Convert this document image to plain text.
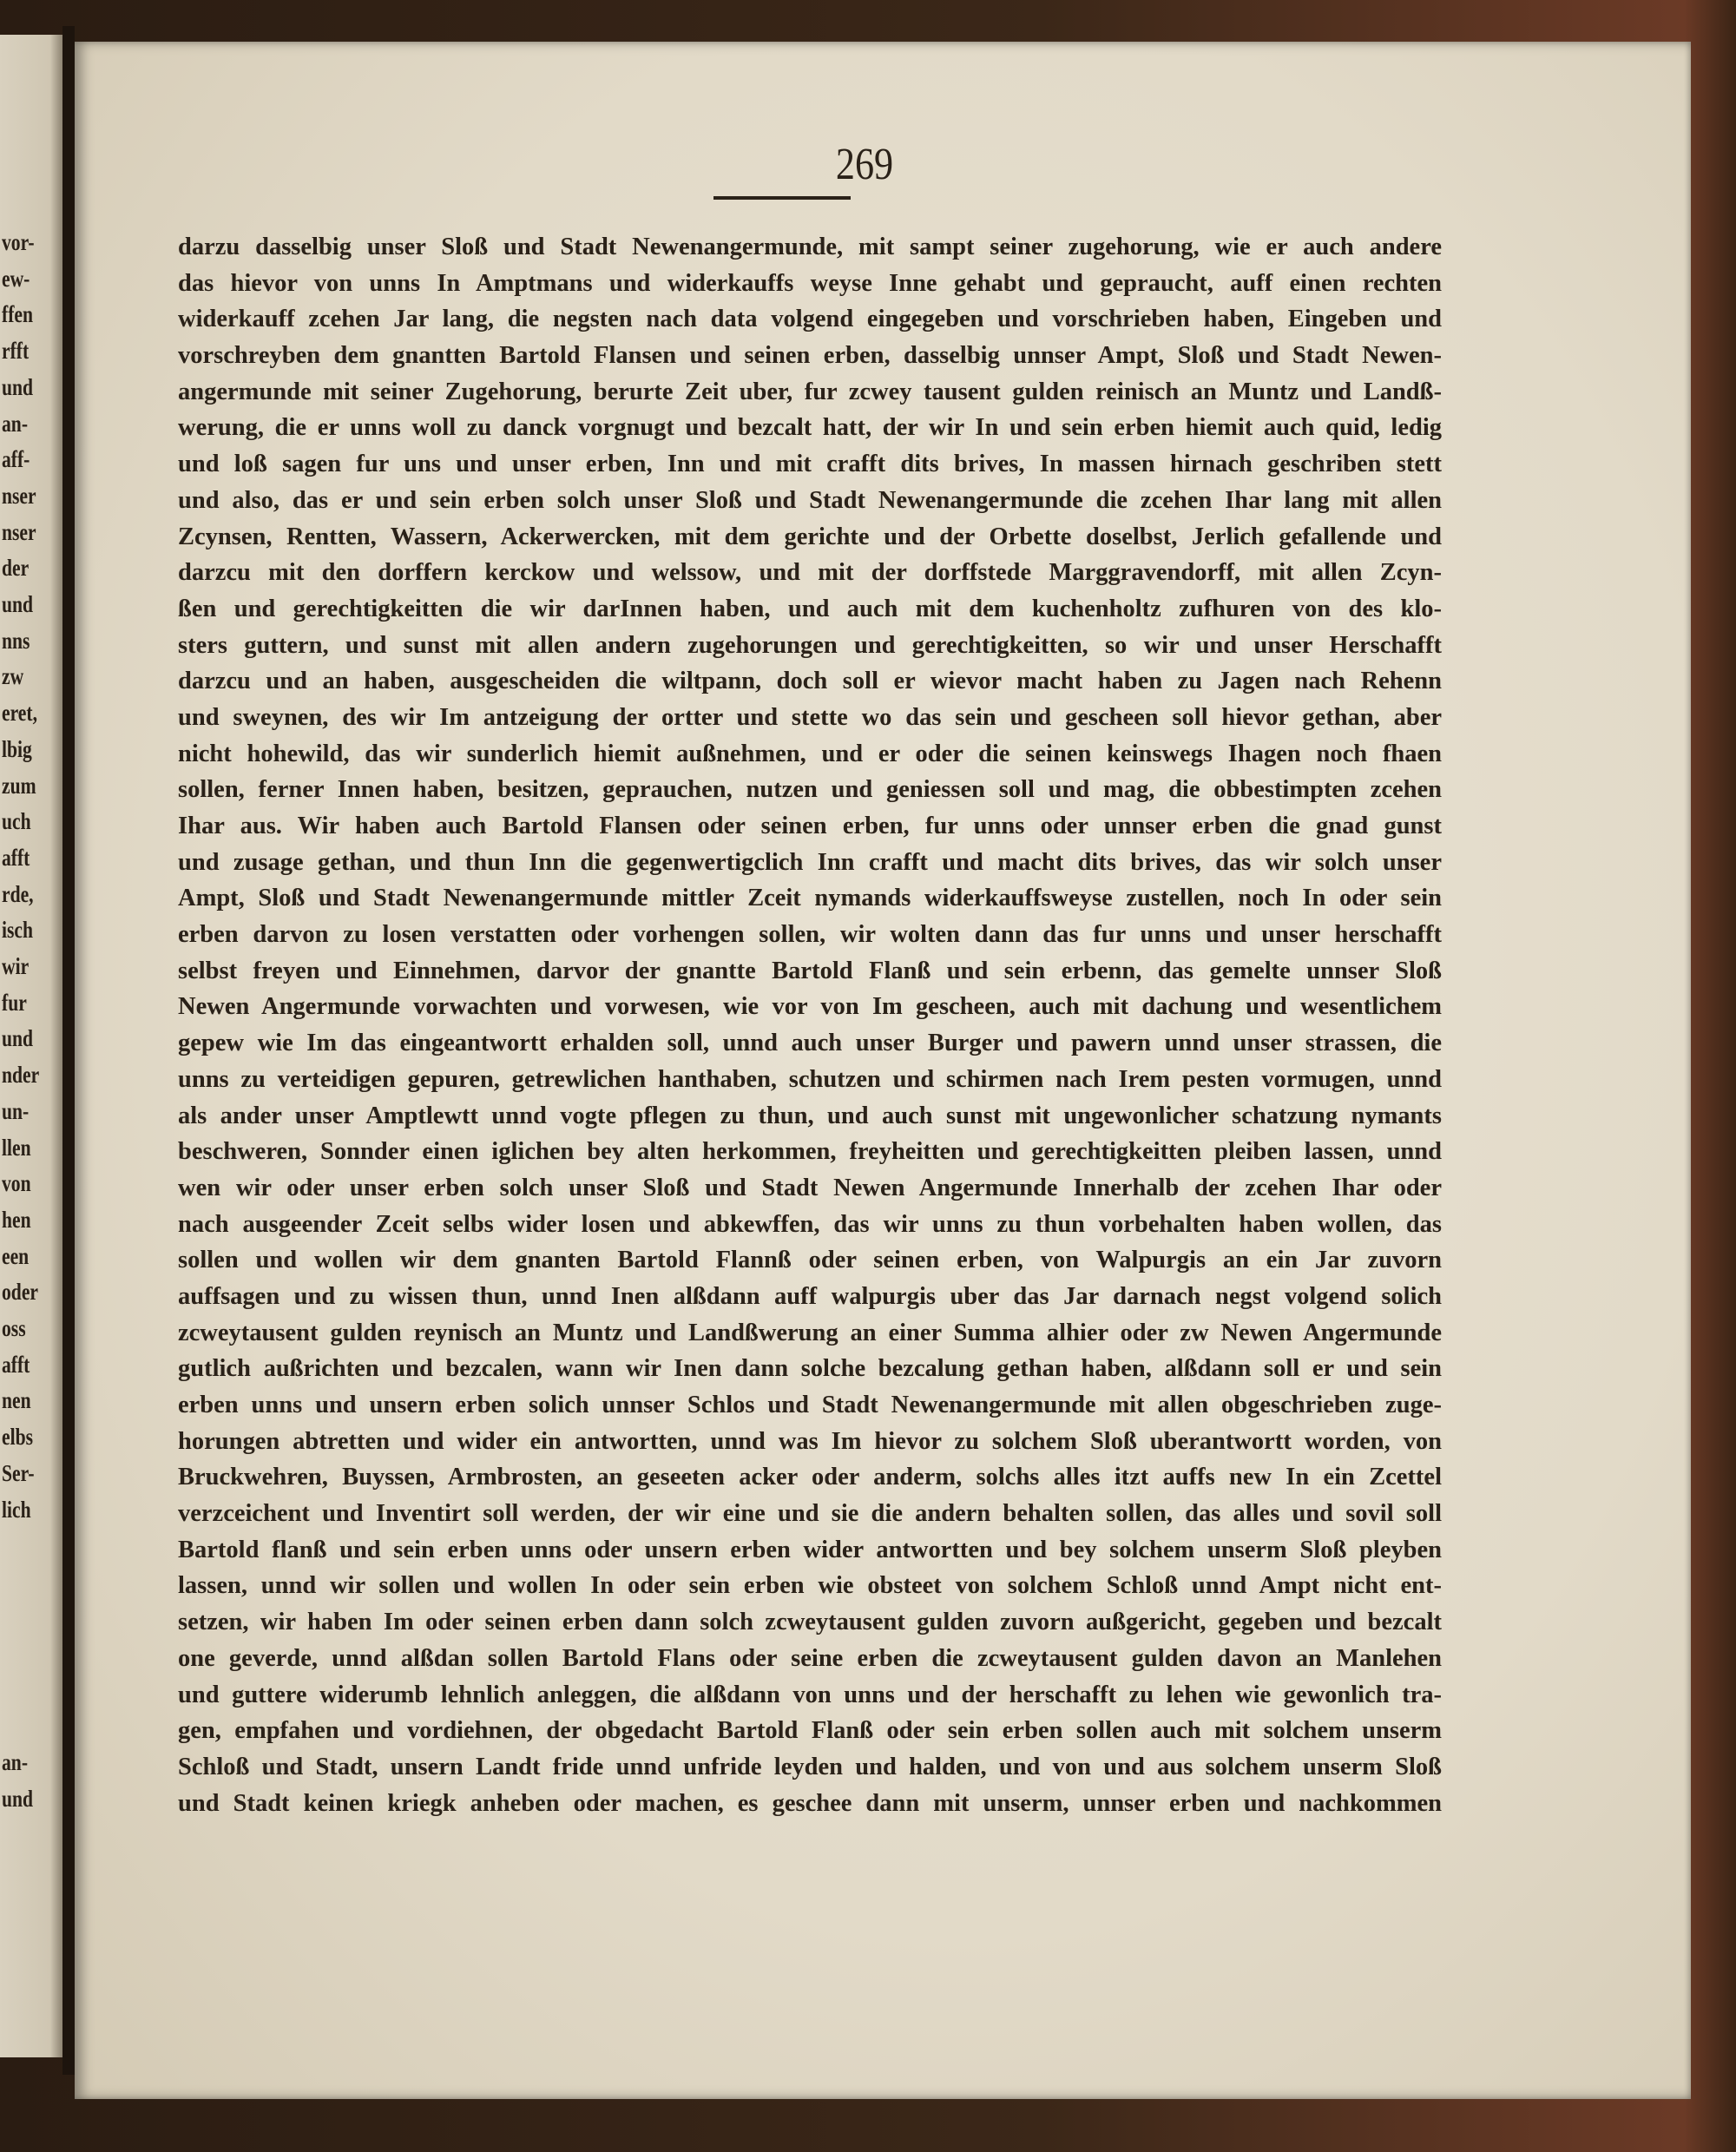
vor-
ew-
ffen
rfft
und
an-
aff-
nser
nser
der
und
nns
zw
eret,
lbig
zum
uch
afft
rde,
isch
wir
fur
und
nder
un-
llen
von
hen
een
oder
oss
afft
nen
elbs
Ser-
lich
an-
und
269
darzu dasselbig unser Sloß und Stadt Newenangermunde, mit sampt seiner zugehorung, wie er auch andere
das hievor von unns In Amptmans und widerkauffs weyse Inne gehabt und gepraucht, auff einen rechten
widerkauff zcehen Jar lang, die negsten nach data volgend eingegeben und vorschrieben haben, Eingeben und
vorschreyben dem gnantten Bartold Flansen und seinen erben, dasselbig unnser Ampt, Sloß und Stadt Newen-
angermunde mit seiner Zugehorung, berurte Zeit uber, fur zcwey tausent gulden reinisch an Muntz und Landß-
werung, die er unns woll zu danck vorgnugt und bezcalt hatt, der wir In und sein erben hiemit auch quid, ledig
und loß sagen fur uns und unser erben, Inn und mit crafft dits brives, In massen hirnach geschriben stett
und also, das er und sein erben solch unser Sloß und Stadt Newenangermunde die zcehen Ihar lang mit allen
Zcynsen, Rentten, Wassern, Ackerwercken, mit dem gerichte und der Orbette doselbst, Jerlich gefallende und
darzcu mit den dorffern kerckow und welssow, und mit der dorffstede Marggravendorff, mit allen Zcyn-
ßen und gerechtigkeitten die wir darInnen haben, und auch mit dem kuchenholtz zufhuren von des klo-
sters guttern, und sunst mit allen andern zugehorungen und gerechtigkeitten, so wir und unser Herschafft
darzcu und an haben, ausgescheiden die wiltpann, doch soll er wievor macht haben zu Jagen nach Rehenn
und sweynen, des wir Im antzeigung der ortter und stette wo das sein und gescheen soll hievor gethan, aber
nicht hohewild, das wir sunderlich hiemit außnehmen, und er oder die seinen keinswegs Ihagen noch fhaen
sollen, ferner Innen haben, besitzen, geprauchen, nutzen und geniessen soll und mag, die obbestimpten zcehen
Ihar aus. Wir haben auch Bartold Flansen oder seinen erben, fur unns oder unnser erben die gnad gunst
und zusage gethan, und thun Inn die gegenwertigclich Inn crafft und macht dits brives, das wir solch unser
Ampt, Sloß und Stadt Newenangermunde mittler Zceit nymands widerkauffsweyse zustellen, noch In oder sein
erben darvon zu losen verstatten oder vorhengen sollen, wir wolten dann das fur unns und unser herschafft
selbst freyen und Einnehmen, darvor der gnantte Bartold Flanß und sein erbenn, das gemelte unnser Sloß
Newen Angermunde vorwachten und vorwesen, wie vor von Im gescheen, auch mit dachung und wesentlichem
gepew wie Im das eingeantwortt erhalden soll, unnd auch unser Burger und pawern unnd unser strassen, die
unns zu verteidigen gepuren, getrewlichen hanthaben, schutzen und schirmen nach Irem pesten vormugen, unnd
als ander unser Amptlewtt unnd vogte pflegen zu thun, und auch sunst mit ungewonlicher schatzung nymants
beschweren, Sonnder einen iglichen bey alten herkommen, freyheitten und gerechtigkeitten pleiben lassen, unnd
wen wir oder unser erben solch unser Sloß und Stadt Newen Angermunde Innerhalb der zcehen Ihar oder
nach ausgeender Zceit selbs wider losen und abkewffen, das wir unns zu thun vorbehalten haben wollen, das
sollen und wollen wir dem gnanten Bartold Flannß oder seinen erben, von Walpurgis an ein Jar zuvorn
auffsagen und zu wissen thun, unnd Inen alßdann auff walpurgis uber das Jar darnach negst volgend solich
zcweytausent gulden reynisch an Muntz und Landßwerung an einer Summa alhier oder zw Newen Angermunde
gutlich außrichten und bezcalen, wann wir Inen dann solche bezcalung gethan haben, alßdann soll er und sein
erben unns und unsern erben solich unnser Schlos und Stadt Newenangermunde mit allen obgeschrieben zuge-
horungen abtretten und wider ein antwortten, unnd was Im hievor zu solchem Sloß uberantwortt worden, von
Bruckwehren, Buyssen, Armbrosten, an geseeten acker oder anderm, solchs alles itzt auffs new In ein Zcettel
verzceichent und Inventirt soll werden, der wir eine und sie die andern behalten sollen, das alles und sovil soll
Bartold flanß und sein erben unns oder unsern erben wider antwortten und bey solchem unserm Sloß pleyben
lassen, unnd wir sollen und wollen In oder sein erben wie obsteet von solchem Schloß unnd Ampt nicht ent-
setzen, wir haben Im oder seinen erben dann solch zcweytausent gulden zuvorn außgericht, gegeben und bezcalt
one geverde, unnd alßdan sollen Bartold Flans oder seine erben die zcweytausent gulden davon an Manlehen
und guttere widerumb lehnlich anleggen, die alßdann von unns und der herschafft zu lehen wie gewonlich tra-
gen, empfahen und vordiehnen, der obgedacht Bartold Flanß oder sein erben sollen auch mit solchem unserm
Schloß und Stadt, unsern Landt fride unnd unfride leyden und halden, und von und aus solchem unserm Sloß
und Stadt keinen kriegk anheben oder machen, es geschee dann mit unserm, unnser erben und nachkommen
